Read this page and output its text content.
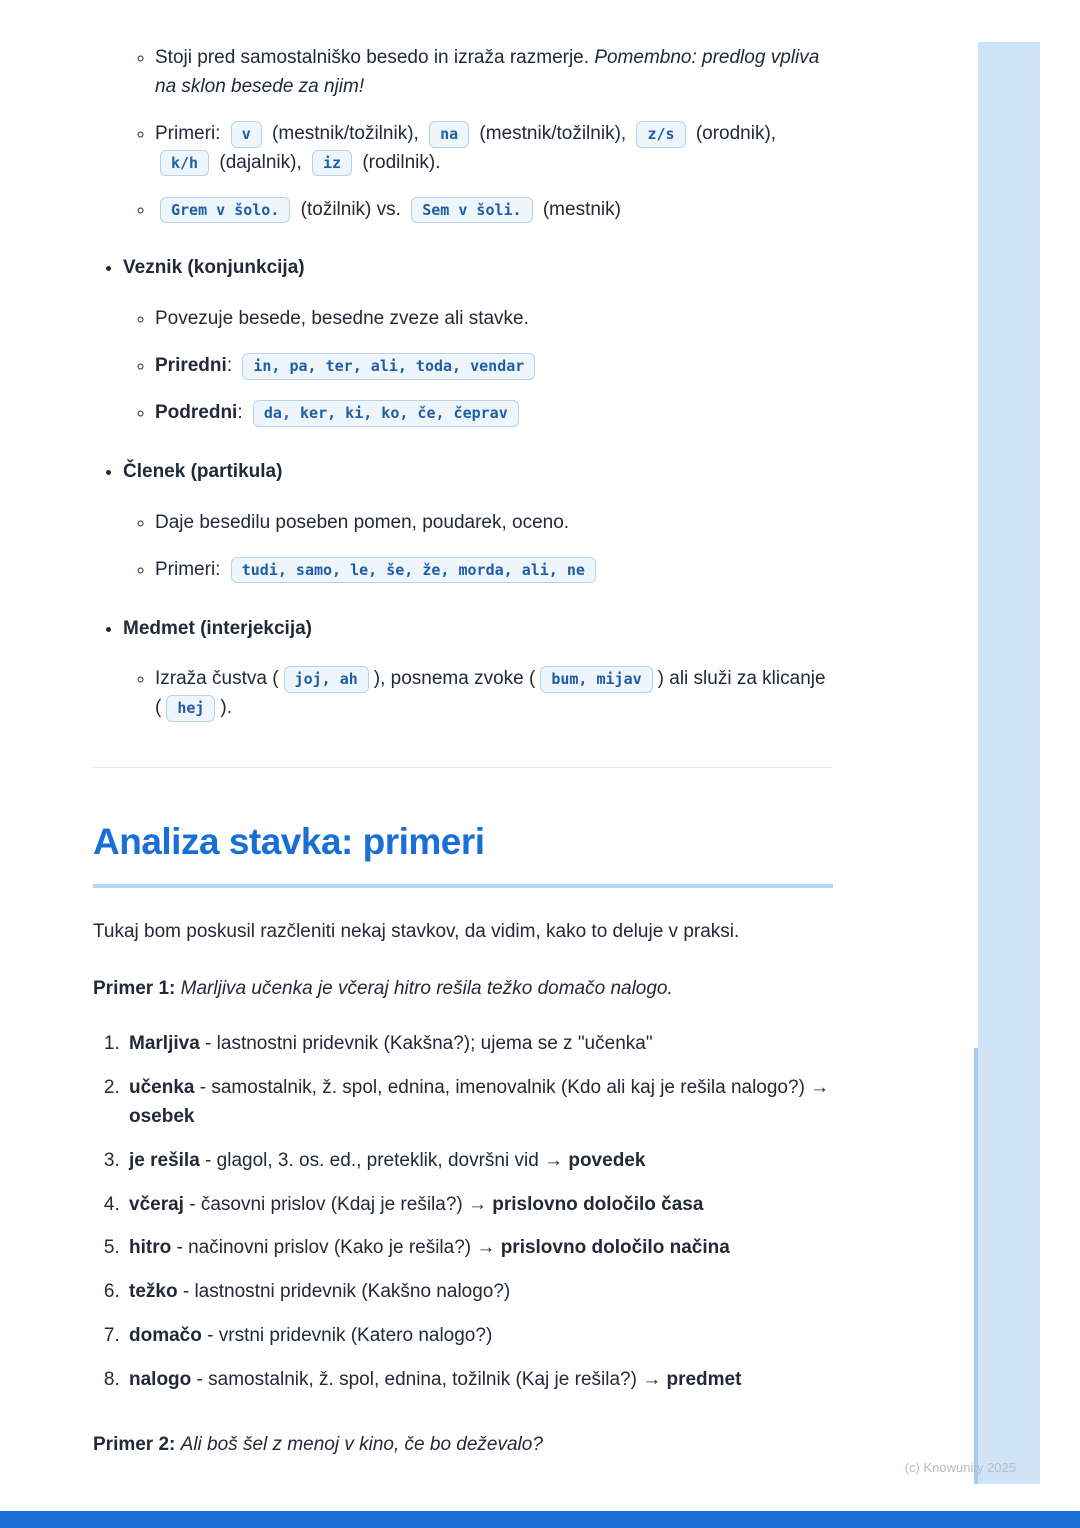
◦ Stoji pred samostalniško besedo in izraža razmerje. Pomembno: predlog vpliva na sklon besede za njim!
◦ Primeri: v (mestnik/tožilnik), na (mestnik/tožilnik), z/s (orodnik), k/h (dajalnik), iz (rodilnik).
◦ Grem v šolo. (tožilnik) vs. Sem v šoli. (mestnik)
• Veznik (konjunkcija)
◦ Povezuje besede, besedne zveze ali stavke.
◦ Priredni: in, pa, ter, ali, toda, vendar
◦ Podredni: da, ker, ki, ko, če, čeprav
• Členek (partikula)
◦ Daje besedilu poseben pomen, poudarek, oceno.
◦ Primeri: tudi, samo, le, še, že, morda, ali, ne
• Medmet (interjekcija)
◦ Izraža čustva ( joj, ah ), posnema zvoke ( bum, mijav ) ali služi za klicanje ( hej ).
Analiza stavka: primeri

Tukaj bom poskusil razčleniti nekaj stavkov, da vidim, kako to deluje v praksi.

Primer 1: Marljiva učenka je včeraj hitro rešila težko domačo nalogo.

1. Marljiva - lastnostni pridevnik (Kakšna?); ujema se z "učenka"
2. učenka - samostalnik, ž. spol, ednina, imenovalnik (Kdo ali kaj je rešila nalogo?) → osebek
3. je rešila - glagol, 3. os. ed., preteklik, dovršni vid → povedek
4. včeraj - časovni prislov (Kdaj je rešila?) → prislovno določilo časa
5. hitro - načinovni prislov (Kako je rešila?) → prislovno določilo načina
6. težko - lastnostni pridevnik (Kakšno nalogo?)
7. domačo - vrstni pridevnik (Katero nalogo?)
8. nalogo - samostalnik, ž. spol, ednina, tožilnik (Kaj je rešila?) → predmet

Primer 2: Ali boš šel z menoj v kino, če bo deževalo?

(c) Knowunity 2025
